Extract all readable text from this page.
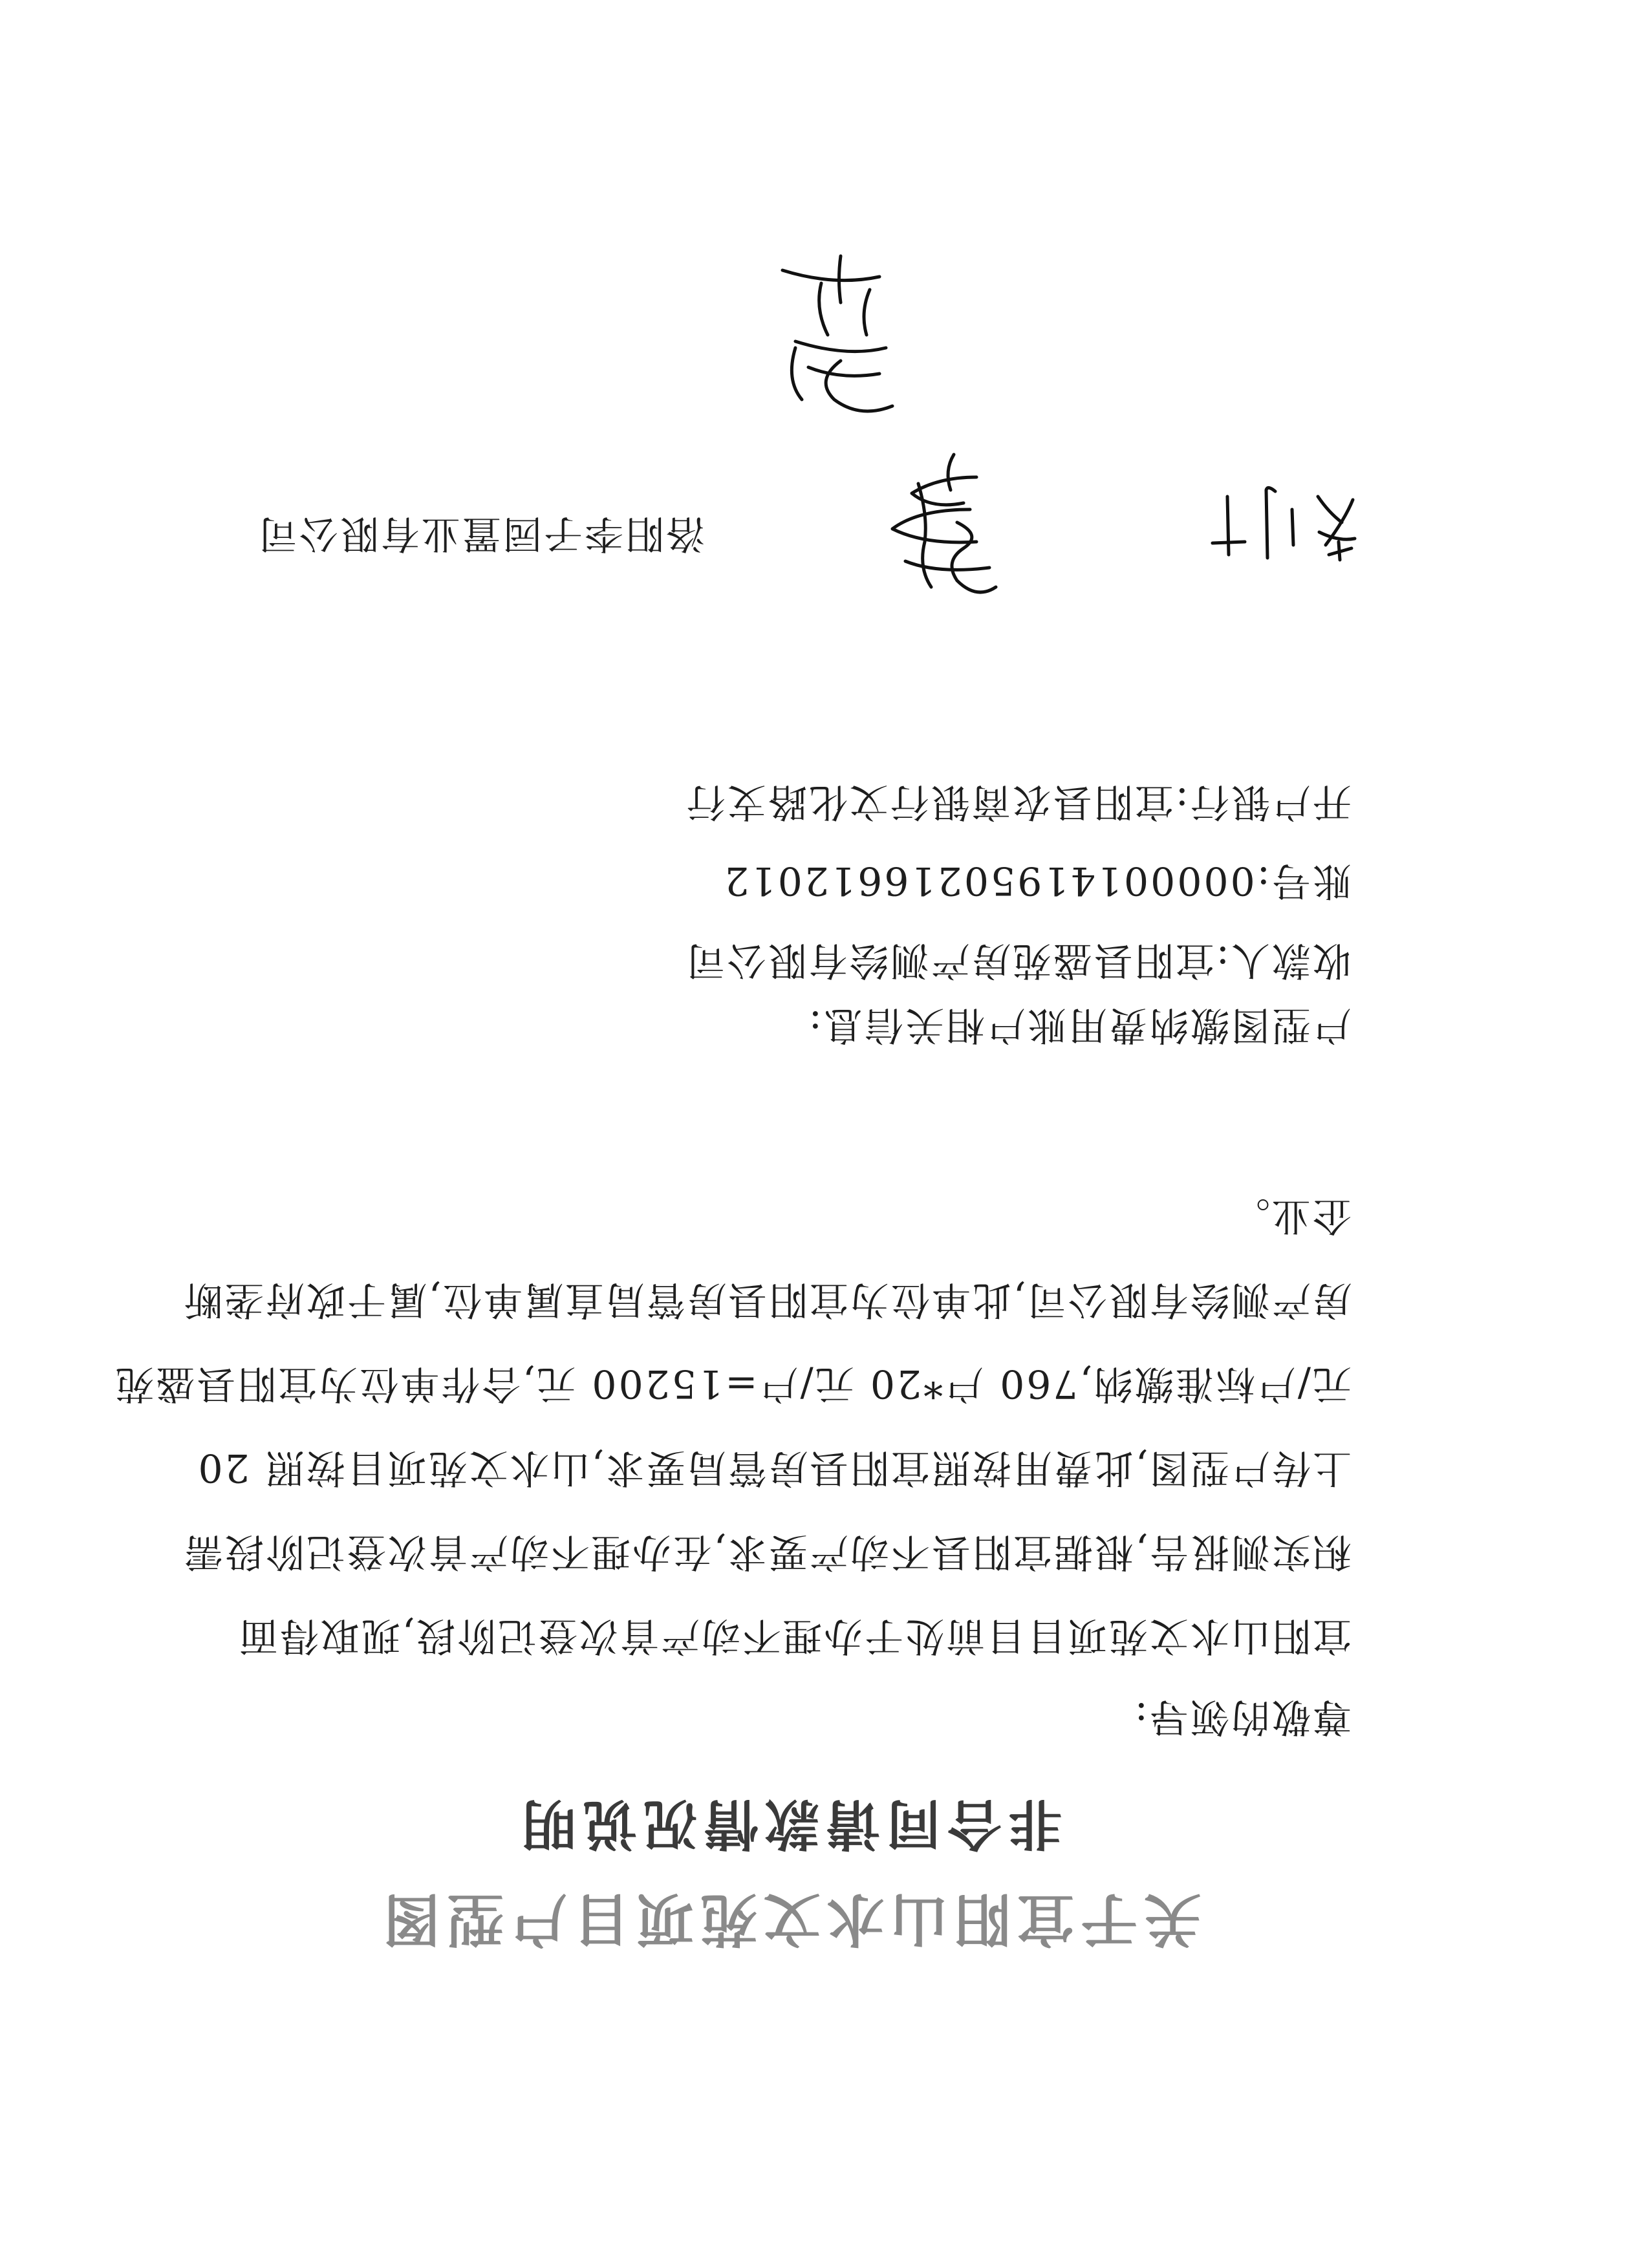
关于宜阳山水文苑项目户型图
非合同请款情况说明
尊敬的领导:
宜阳山水文苑项目目前处于办理不动产首次登记阶段,现取得面
积实测报告,根据宜阳县不动产要求,在办理不动产首次登记阶段需
上传户型图,此费用按照宜阳县房管局要求,山水文苑项目按照 20
元/户标准缴纳,760 户*20 元/户=15200 元,合作单位为宜阳县盛苑
房产测绘有限公司,此单位为宜阳县房管局直属单位,属于政府垄断
企业。
户型图缴纳费用账户相关信息:
收款人:宜阳县盛苑房产测绘有限公司
账号:00000141950216612012
开户银行:宜阳县农商银行文化路支行
洛阳李子园置业有限公司
